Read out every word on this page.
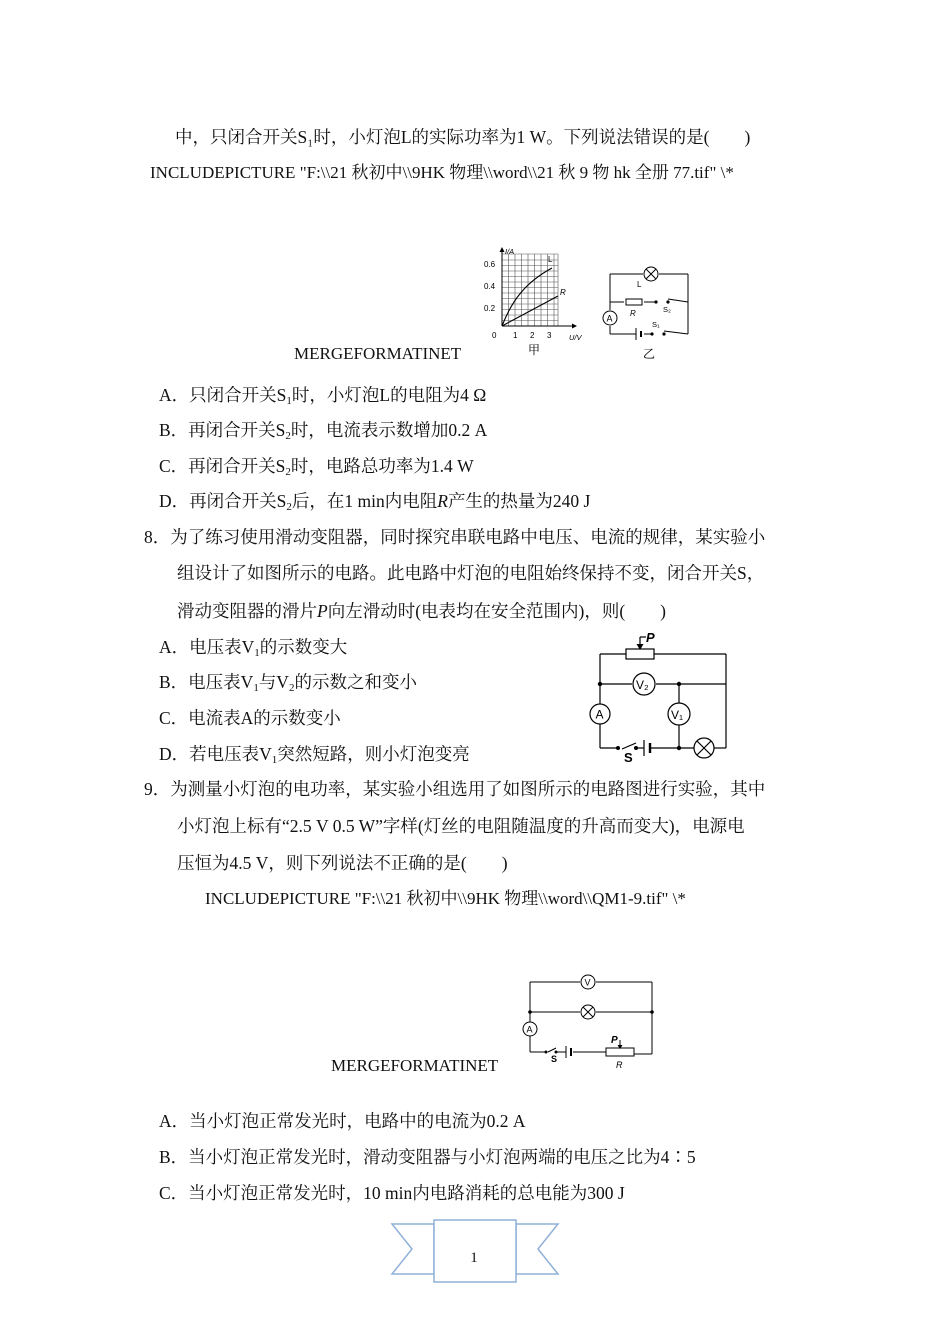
中，只闭合开关S₁时，小灯泡L的实际功率为1 W。下列说法错误的是(　　)
INCLUDEPICTURE "F:\\21 秋初中\\9HK 物理\\word\\21 秋 9 物 hk 全册 77.tif" \*
MERGEFORMATINET
I/A
U/V
0.6
0.4
0.2
0 1 2 3
L
R
甲
A
L
R	S₂
S₁
乙
A．只闭合开关$S_1$时，小灯泡L的电阻为4 Ω
B．再闭合开关$S_2$时，电流表示数增加0.2 A
C．再闭合开关$S_2$时，电路总功率为1.4 W
D．再闭合开关$S_2$后，在1 min内电阻R产生的热量为240 J
8．为了练习使用滑动变阻器，同时探究串联电路中电压、电流的规律，某实验小
组设计了如图所示的电路。此电路中灯泡的电阻始终保持不变，闭合开关S，
滑动变阻器的滑片P向左滑动时(电表均在安全范围内)，则(　　)
A．电压表$V_1$的示数变大
B．电压表$V_1$与$V_2$的示数之和变小
C．电流表A的示数变小
D．若电压表$V_1$突然短路，则小灯泡变亮
P
V₂
V₁
A
S
9．为测量小灯泡的电功率，某实验小组选用了如图所示的电路图进行实验，其中
小灯泡上标有“2.5 V 0.5 W”字样(灯丝的电阻随温度的升高而变大)，电源电
压恒为4.5 V，则下列说法不正确的是(　　)
INCLUDEPICTURE "F:\\21 秋初中\\9HK 物理\\word\\QM1-9.tif" \*
MERGEFORMATINET
V
A
S
P
R
A．当小灯泡正常发光时，电路中的电流为0.2 A
B．当小灯泡正常发光时，滑动变阻器与小灯泡两端的电压之比为4∶5
C．当小灯泡正常发光时，10 min内电路消耗的总电能为300 J
1
